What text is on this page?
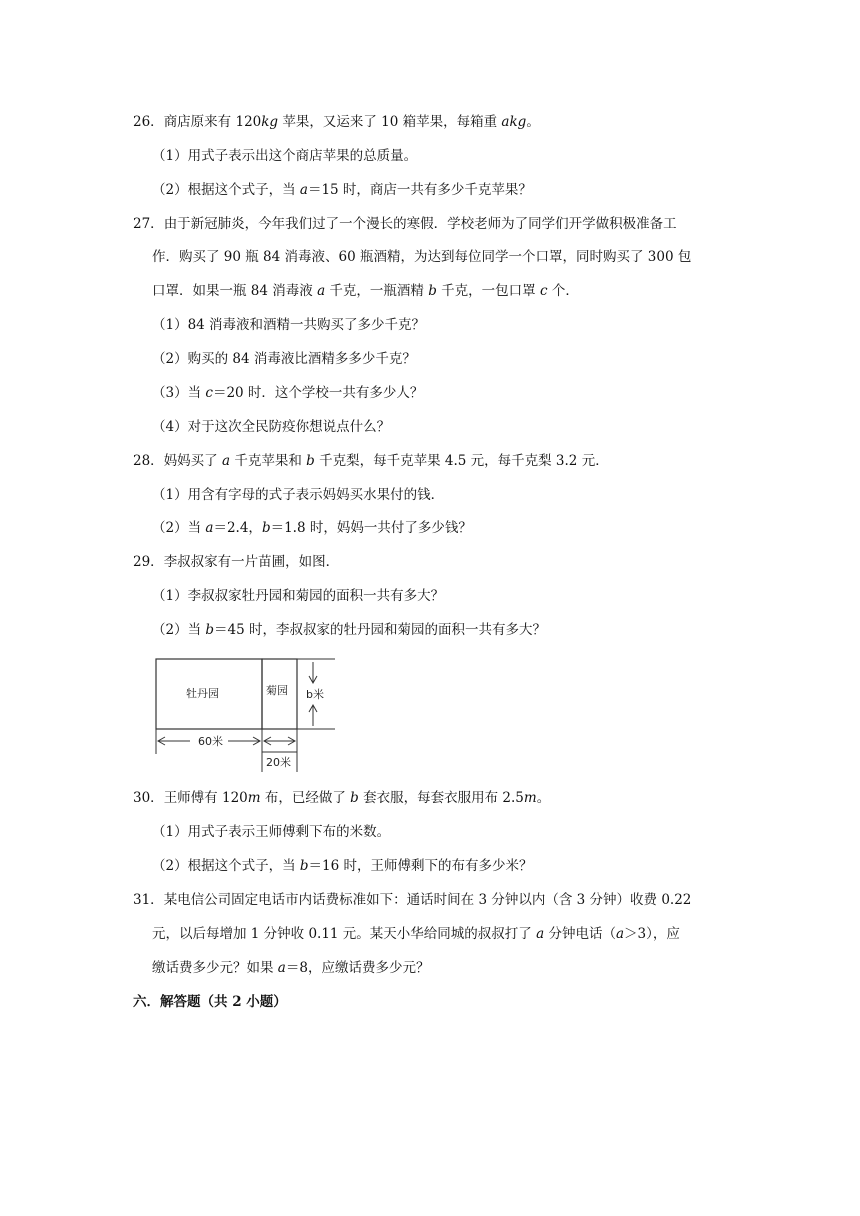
26．商店原来有 120kg 苹果，又运来了 10 箱苹果，每箱重 akg。
（1）用式子表示出这个商店苹果的总质量。
（2）根据这个式子，当 a＝15 时，商店一共有多少千克苹果？
27．由于新冠肺炎，今年我们过了一个漫长的寒假．学校老师为了同学们开学做积极准备工
作．购买了 90 瓶 84 消毒液、60 瓶酒精，为达到每位同学一个口罩，同时购买了 300 包
口罩．如果一瓶 84 消毒液 a 千克，一瓶酒精 b 千克，一包口罩 c 个．
（1）84 消毒液和酒精一共购买了多少千克？
（2）购买的 84 消毒液比酒精多多少千克？
（3）当 c＝20 时．这个学校一共有多少人？
（4）对于这次全民防疫你想说点什么？
28．妈妈买了 a 千克苹果和 b 千克梨，每千克苹果 4.5 元，每千克梨 3.2 元．
（1）用含有字母的式子表示妈妈买水果付的钱．
（2）当 a＝2.4，b＝1.8 时，妈妈一共付了多少钱？
29．李叔叔家有一片苗圃，如图．
（1）李叔叔家牡丹园和菊园的面积一共有多大？
（2）当 b＝45 时，李叔叔家的牡丹园和菊园的面积一共有多大？
牡丹园	菊园 b米
60米
20米
30．王师傅有 120m 布，已经做了 b 套衣服，每套衣服用布 2.5m。
（1）用式子表示王师傅剩下布的米数。
（2）根据这个式子，当 b＝16 时，王师傅剩下的布有多少米？
31．某电信公司固定电话市内话费标准如下：通话时间在 3 分钟以内（含 3 分钟）收费 0.22
元，以后每增加 1 分钟收 0.11 元。某天小华给同城的叔叔打了 a 分钟电话（a＞3），应
缴话费多少元？如果 a＝8，应缴话费多少元？
六．解答题（共 2 小题）
